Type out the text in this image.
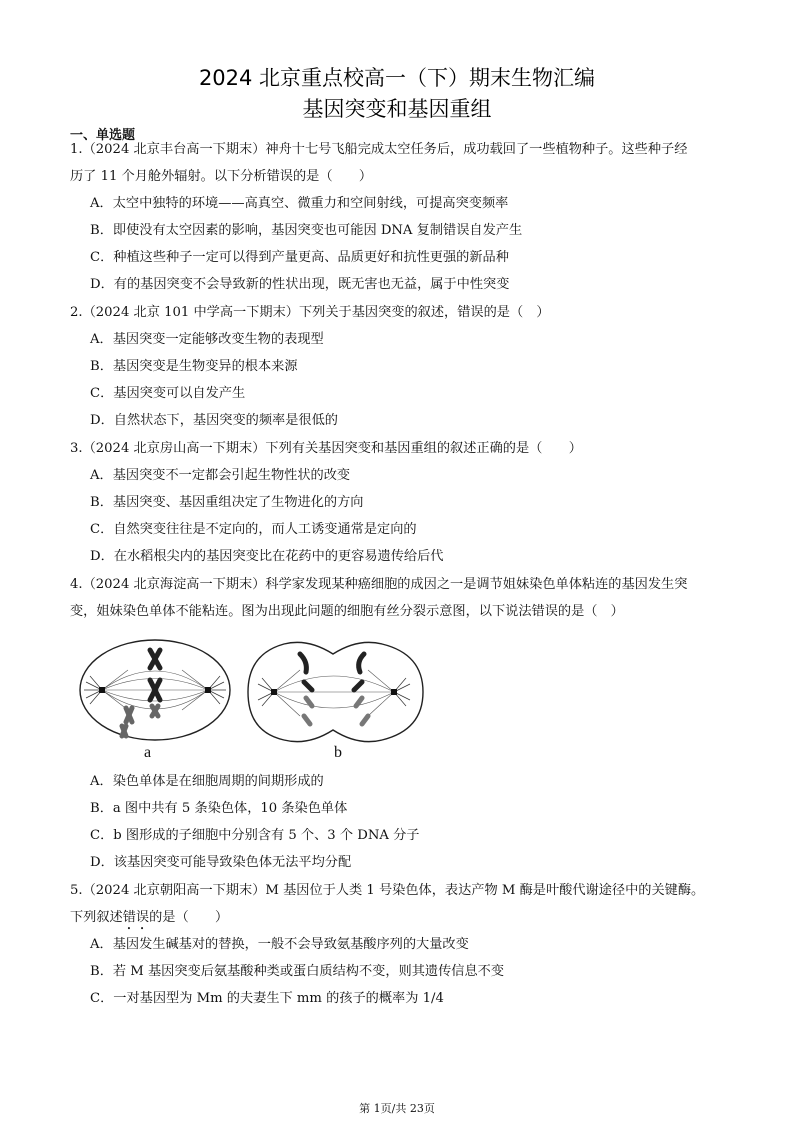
2024 北京重点校高一（下）期末生物汇编
基因突变和基因重组
一、单选题
1.（2024 北京丰台高一下期末）神舟十七号飞船完成太空任务后，成功载回了一些植物种子。这些种子经
历了 11 个月舱外辐射。以下分析错误的是（　　）
A．太空中独特的环境——高真空、微重力和空间射线，可提高突变频率
B．即使没有太空因素的影响，基因突变也可能因 DNA 复制错误自发产生
C．种植这些种子一定可以得到产量更高、品质更好和抗性更强的新品种
D．有的基因突变不会导致新的性状出现，既无害也无益，属于中性突变
2.（2024 北京 101 中学高一下期末）下列关于基因突变的叙述，错误的是（　）
A．基因突变一定能够改变生物的表现型
B．基因突变是生物变异的根本来源
C．基因突变可以自发产生
D．自然状态下，基因突变的频率是很低的
3.（2024 北京房山高一下期末）下列有关基因突变和基因重组的叙述正确的是（　　）
A．基因突变不一定都会引起生物性状的改变
B．基因突变、基因重组决定了生物进化的方向
C．自然突变往往是不定向的，而人工诱变通常是定向的
D．在水稻根尖内的基因突变比在花药中的更容易遗传给后代
4.（2024 北京海淀高一下期末）科学家发现某种癌细胞的成因之一是调节姐妹染色单体粘连的基因发生突
变，姐妹染色单体不能粘连。图为出现此问题的细胞有丝分裂示意图，以下说法错误的是（　）
a	b
A．染色单体是在细胞周期的间期形成的
B．a 图中共有 5 条染色体，10 条染色单体
C．b 图形成的子细胞中分别含有 5 个、3 个 DNA 分子
D．该基因突变可能导致染色体无法平均分配
5.（2024 北京朝阳高一下期末）M 基因位于人类 1 号染色体，表达产物 M 酶是叶酸代谢途径中的关键酶。
下列叙述错误的是（　　）
A．基因发生碱基对的替换，一般不会导致氨基酸序列的大量改变
B．若 M 基因突变后氨基酸种类或蛋白质结构不变，则其遗传信息不变
C．一对基因型为 Mm 的夫妻生下 mm 的孩子的概率为 1/4
第 1页/共 23页
